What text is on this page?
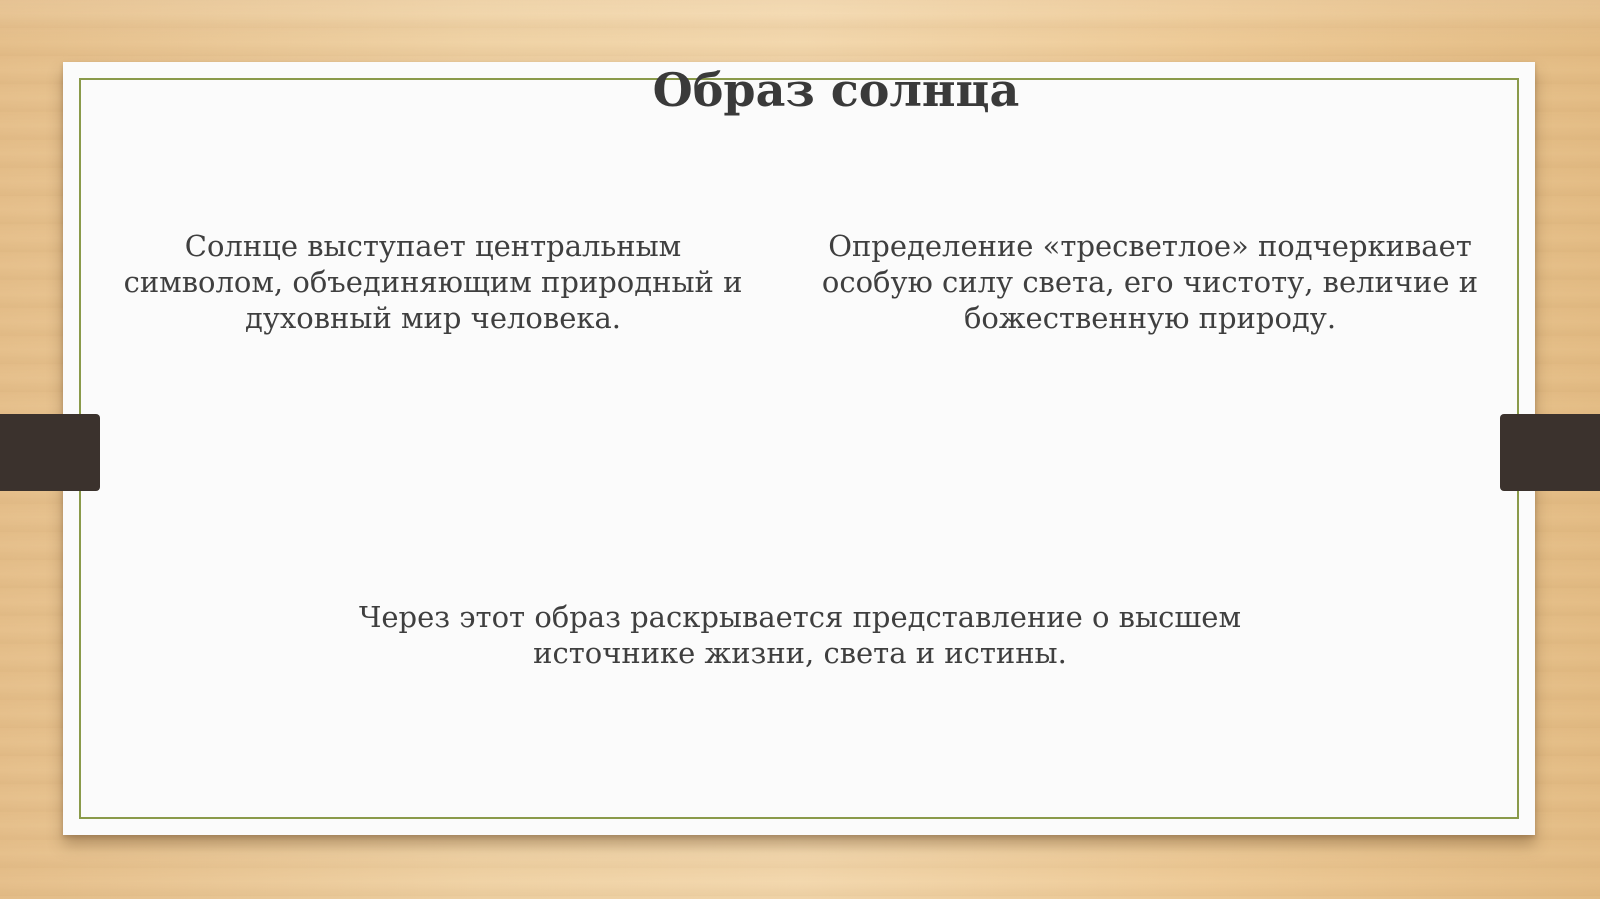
Образ солнца

Солнце выступает центральным символом, объединяющим природный и духовный мир человека.

Определение «тресветлое» подчеркивает особую силу света, его чистоту, величие и божественную природу.

Через этот образ раскрывается представление о высшем источнике жизни, света и истины.
